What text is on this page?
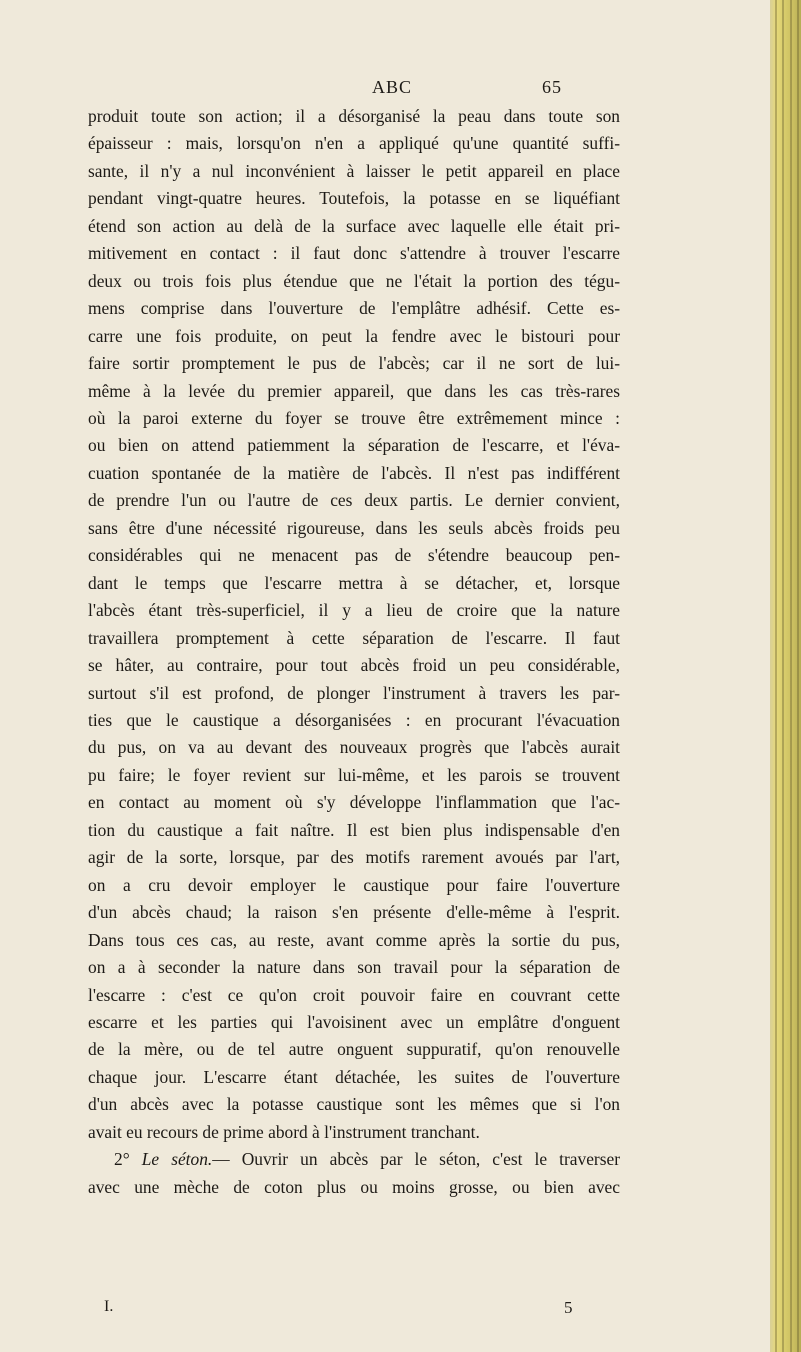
ABC	65
produit toute son action; il a désorganisé la peau dans toute son
épaisseur : mais, lorsqu'on n'en a appliqué qu'une quantité suffi-
sante, il n'y a nul inconvénient à laisser le petit appareil en place
pendant vingt-quatre heures. Toutefois, la potasse en se liquéfiant
étend son action au delà de la surface avec laquelle elle était pri-
mitivement en contact : il faut donc s'attendre à trouver l'escarre
deux ou trois fois plus étendue que ne l'était la portion des tégu-
mens comprise dans l'ouverture de l'emplâtre adhésif. Cette es-
carre une fois produite, on peut la fendre avec le bistouri pour
faire sortir promptement le pus de l'abcès; car il ne sort de lui-
même à la levée du premier appareil, que dans les cas très-rares
où la paroi externe du foyer se trouve être extrêmement mince :
ou bien on attend patiemment la séparation de l'escarre, et l'éva-
cuation spontanée de la matière de l'abcès. Il n'est pas indifférent
de prendre l'un ou l'autre de ces deux partis. Le dernier convient,
sans être d'une nécessité rigoureuse, dans les seuls abcès froids peu
considérables qui ne menacent pas de s'étendre beaucoup pen-
dant le temps que l'escarre mettra à se détacher, et, lorsque
l'abcès étant très-superficiel, il y a lieu de croire que la nature
travaillera promptement à cette séparation de l'escarre. Il faut
se hâter, au contraire, pour tout abcès froid un peu considérable,
surtout s'il est profond, de plonger l'instrument à travers les par-
ties que le caustique a désorganisées : en procurant l'évacuation
du pus, on va au devant des nouveaux progrès que l'abcès aurait
pu faire; le foyer revient sur lui-même, et les parois se trouvent
en contact au moment où s'y développe l'inflammation que l'ac-
tion du caustique a fait naître. Il est bien plus indispensable d'en
agir de la sorte, lorsque, par des motifs rarement avoués par l'art,
on a cru devoir employer le caustique pour faire l'ouverture
d'un abcès chaud; la raison s'en présente d'elle-même à l'esprit.
Dans tous ces cas, au reste, avant comme après la sortie du pus,
on a à seconder la nature dans son travail pour la séparation de
l'escarre : c'est ce qu'on croit pouvoir faire en couvrant cette
escarre et les parties qui l'avoisinent avec un emplâtre d'onguent
de la mère, ou de tel autre onguent suppuratif, qu'on renouvelle
chaque jour. L'escarre étant détachée, les suites de l'ouverture
d'un abcès avec la potasse caustique sont les mêmes que si l'on
avait eu recours de prime abord à l'instrument tranchant.
2° Le séton.— Ouvrir un abcès par le séton, c'est le traverser
avec une mèche de coton plus ou moins grosse, ou bien avec
I.	5
